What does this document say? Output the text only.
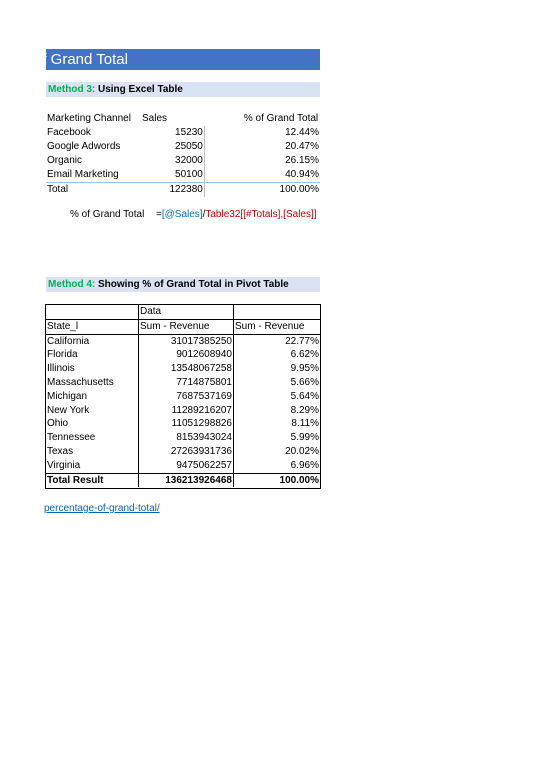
of Grand Total
Method 3: Using Excel Table
Marketing Channel	Sales	% of Grand Total
Facebook	15230	12.44%
Google Adwords	25050	20.47%
Organic	32000	26.15%
Email Marketing	50100	40.94%
Total	122380	100.00%
% of Grand Total =[@Sales]/Table32[[#Totals],[Sales]]
Method 4: Showing % of Grand Total in Pivot Table
	Data	
State_l	Sum - Revenue	Sum - Revenue
California	31017385250	22.77%
Florida	9012608940	6.62%
Illinois	13548067258	9.95%
Massachusetts	7714875801	5.66%
Michigan	7687537169	5.64%
New York	11289216207	8.29%
Ohio	11051298826	8.11%
Tennessee	8153943024	5.99%
Texas	27263931736	20.02%
Virginia	9475062257	6.96%
Total Result	136213926468	100.00%
percentage-of-grand-total/
